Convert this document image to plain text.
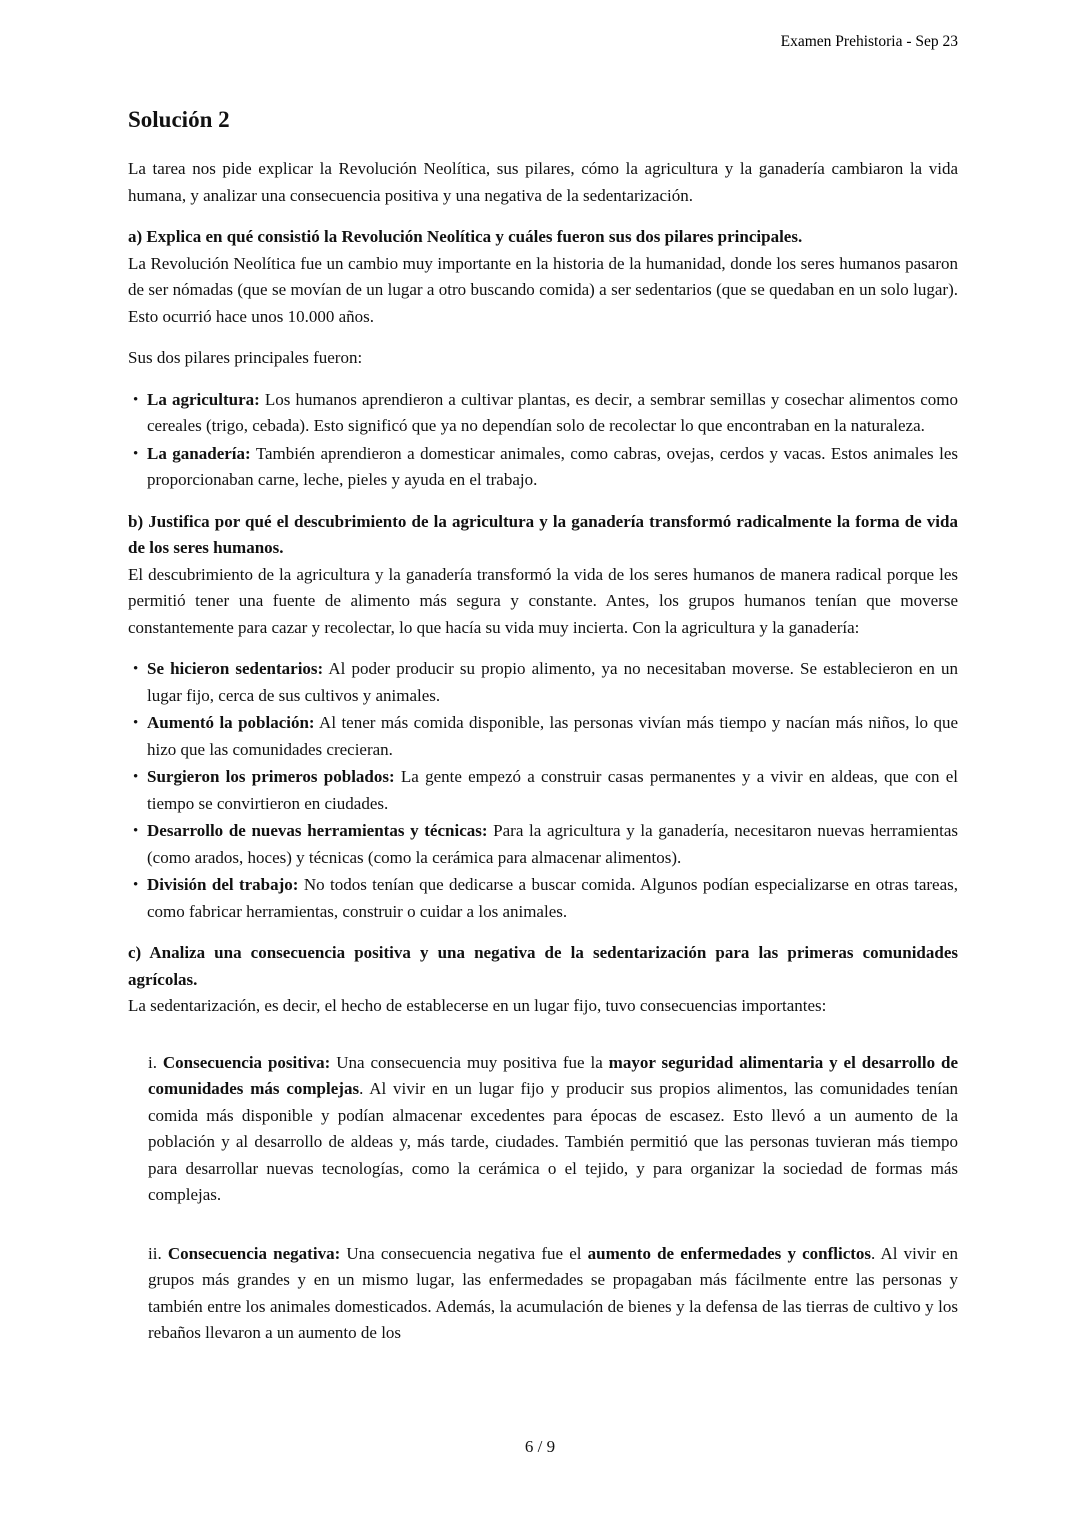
Examen Prehistoria - Sep 23
Solución 2

La tarea nos pide explicar la Revolución Neolítica, sus pilares, cómo la agricultura y la ganadería cambiaron la vida humana, y analizar una consecuencia positiva y una negativa de la sedentarización.

a) Explica en qué consistió la Revolución Neolítica y cuáles fueron sus dos pilares principales.

La Revolución Neolítica fue un cambio muy importante en la historia de la humanidad, donde los seres humanos pasaron de ser nómadas (que se movían de un lugar a otro buscando comida) a ser sedentarios (que se quedaban en un solo lugar). Esto ocurrió hace unos 10.000 años.

Sus dos pilares principales fueron:

• La agricultura: Los humanos aprendieron a cultivar plantas, es decir, a sembrar semillas y cosechar alimentos como cereales (trigo, cebada). Esto significó que ya no dependían solo de recolectar lo que encontraban en la naturaleza.
• La ganadería: También aprendieron a domesticar animales, como cabras, ovejas, cerdos y vacas. Estos animales les proporcionaban carne, leche, pieles y ayuda en el trabajo.

b) Justifica por qué el descubrimiento de la agricultura y la ganadería transformó radicalmente la forma de vida de los seres humanos.

El descubrimiento de la agricultura y la ganadería transformó la vida de los seres humanos de manera radical porque les permitió tener una fuente de alimento más segura y constante. Antes, los grupos humanos tenían que moverse constantemente para cazar y recolectar, lo que hacía su vida muy incierta. Con la agricultura y la ganadería:

• Se hicieron sedentarios: Al poder producir su propio alimento, ya no necesitaban moverse. Se establecieron en un lugar fijo, cerca de sus cultivos y animales.
• Aumentó la población: Al tener más comida disponible, las personas vivían más tiempo y nacían más niños, lo que hizo que las comunidades crecieran.
• Surgieron los primeros poblados: La gente empezó a construir casas permanentes y a vivir en aldeas, que con el tiempo se convirtieron en ciudades.
• Desarrollo de nuevas herramientas y técnicas: Para la agricultura y la ganadería, necesitaron nuevas herramientas (como arados, hoces) y técnicas (como la cerámica para almacenar alimentos).
• División del trabajo: No todos tenían que dedicarse a buscar comida. Algunos podían especializarse en otras tareas, como fabricar herramientas, construir o cuidar a los animales.

c) Analiza una consecuencia positiva y una negativa de la sedentarización para las primeras comunidades agrícolas.

La sedentarización, es decir, el hecho de establecerse en un lugar fijo, tuvo consecuencias importantes:

i. Consecuencia positiva: Una consecuencia muy positiva fue la mayor seguridad alimentaria y el desarrollo de comunidades más complejas. Al vivir en un lugar fijo y producir sus propios alimentos, las comunidades tenían comida más disponible y podían almacenar excedentes para épocas de escasez. Esto llevó a un aumento de la población y al desarrollo de aldeas y, más tarde, ciudades. También permitió que las personas tuvieran más tiempo para desarrollar nuevas tecnologías, como la cerámica o el tejido, y para organizar la sociedad de formas más complejas.
ii. Consecuencia negativa: Una consecuencia negativa fue el aumento de enfermedades y conflictos. Al vivir en grupos más grandes y en un mismo lugar, las enfermedades se propagaban más fácilmente entre las personas y también entre los animales domesticados. Además, la acumulación de bienes y la defensa de las tierras de cultivo y los rebaños llevaron a un aumento de los
6 / 9
